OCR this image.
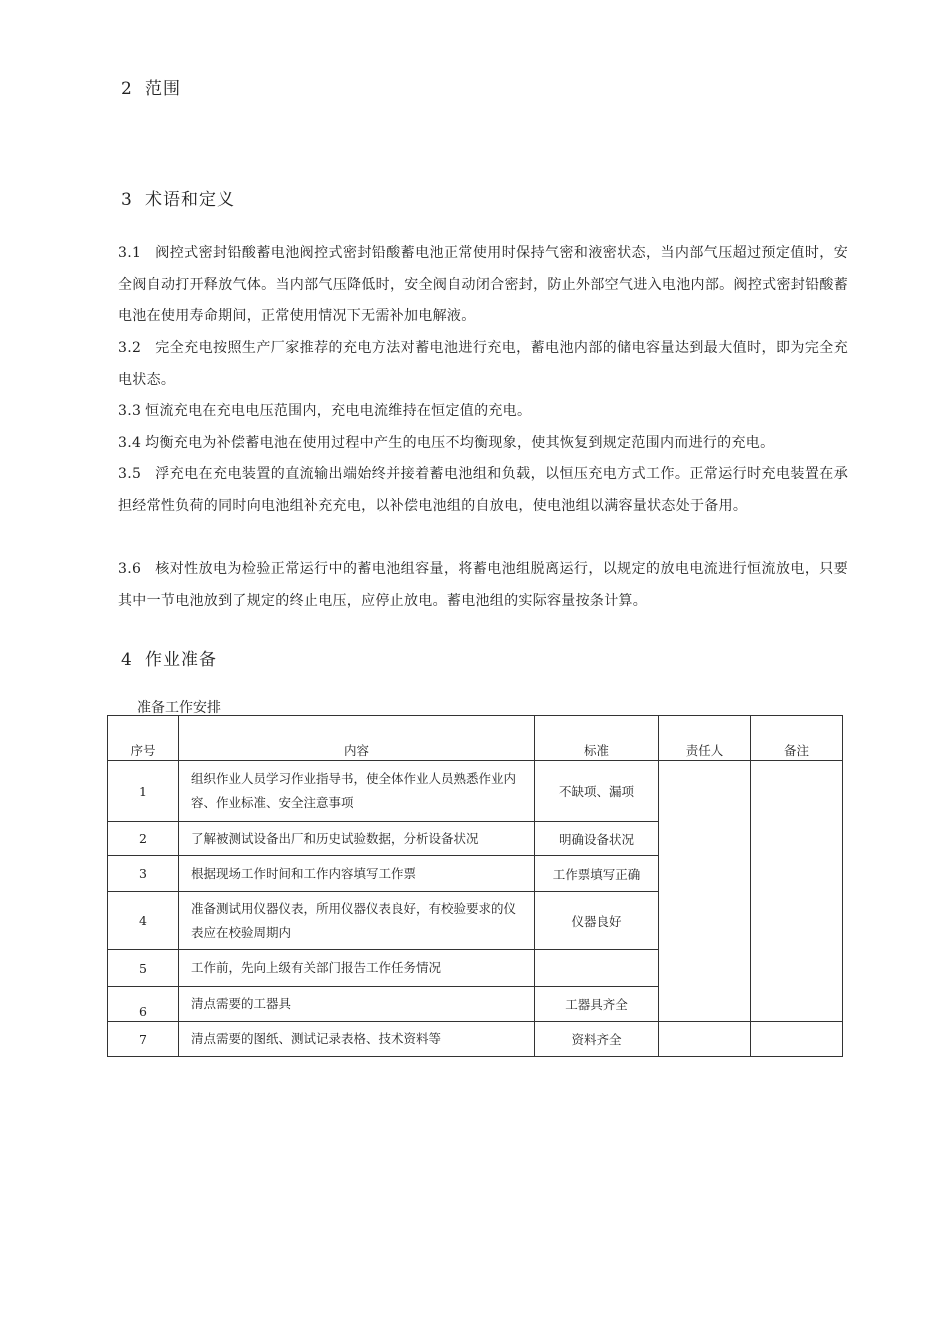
2 范围
3 术语和定义
3.1 阀控式密封铅酸蓄电池阀控式密封铅酸蓄电池正常使用时保持气密和液密状态，当内部气压超过预定值时，安全阀自动打开释放气体。当内部气压降低时，安全阀自动闭合密封，防止外部空气进入电池内部。阀控式密封铅酸蓄电池在使用寿命期间，正常使用情况下无需补加电解液。
3.2 完全充电按照生产厂家推荐的充电方法对蓄电池进行充电，蓄电池内部的储电容量达到最大值时，即为完全充电状态。
3.3 恒流充电在充电电压范围内，充电电流维持在恒定值的充电。
3.4 均衡充电为补偿蓄电池在使用过程中产生的电压不均衡现象，使其恢复到规定范围内而进行的充电。
3.5 浮充电在充电装置的直流输出端始终并接着蓄电池组和负载，以恒压充电方式工作。正常运行时充电装置在承担经常性负荷的同时向电池组补充充电，以补偿电池组的自放电，使电池组以满容量状态处于备用。
3.6 核对性放电为检验正常运行中的蓄电池组容量，将蓄电池组脱离运行，以规定的放电电流进行恒流放电，只要其中一节电池放到了规定的终止电压，应停止放电。蓄电池组的实际容量按条计算。
4 作业准备
准备工作安排
序号	内容	标准	责任人	备注
1	组织作业人员学习作业指导书，使全体作业人员熟悉作业内容、作业标准、安全注意事项	不缺项、漏项		
2	了解被测试设备出厂和历史试验数据，分析设备状况	明确设备状况		
3	根据现场工作时间和工作内容填写工作票	工作票填写正确		
4	准备测试用仪器仪表，所用仪器仪表良好，有校验要求的仪表应在校验周期内	仪器良好		
5	工作前，先向上级有关部门报告工作任务情况			
6	清点需要的工器具	工器具齐全		
7	清点需要的图纸、测试记录表格、技术资料等	资料齐全		
